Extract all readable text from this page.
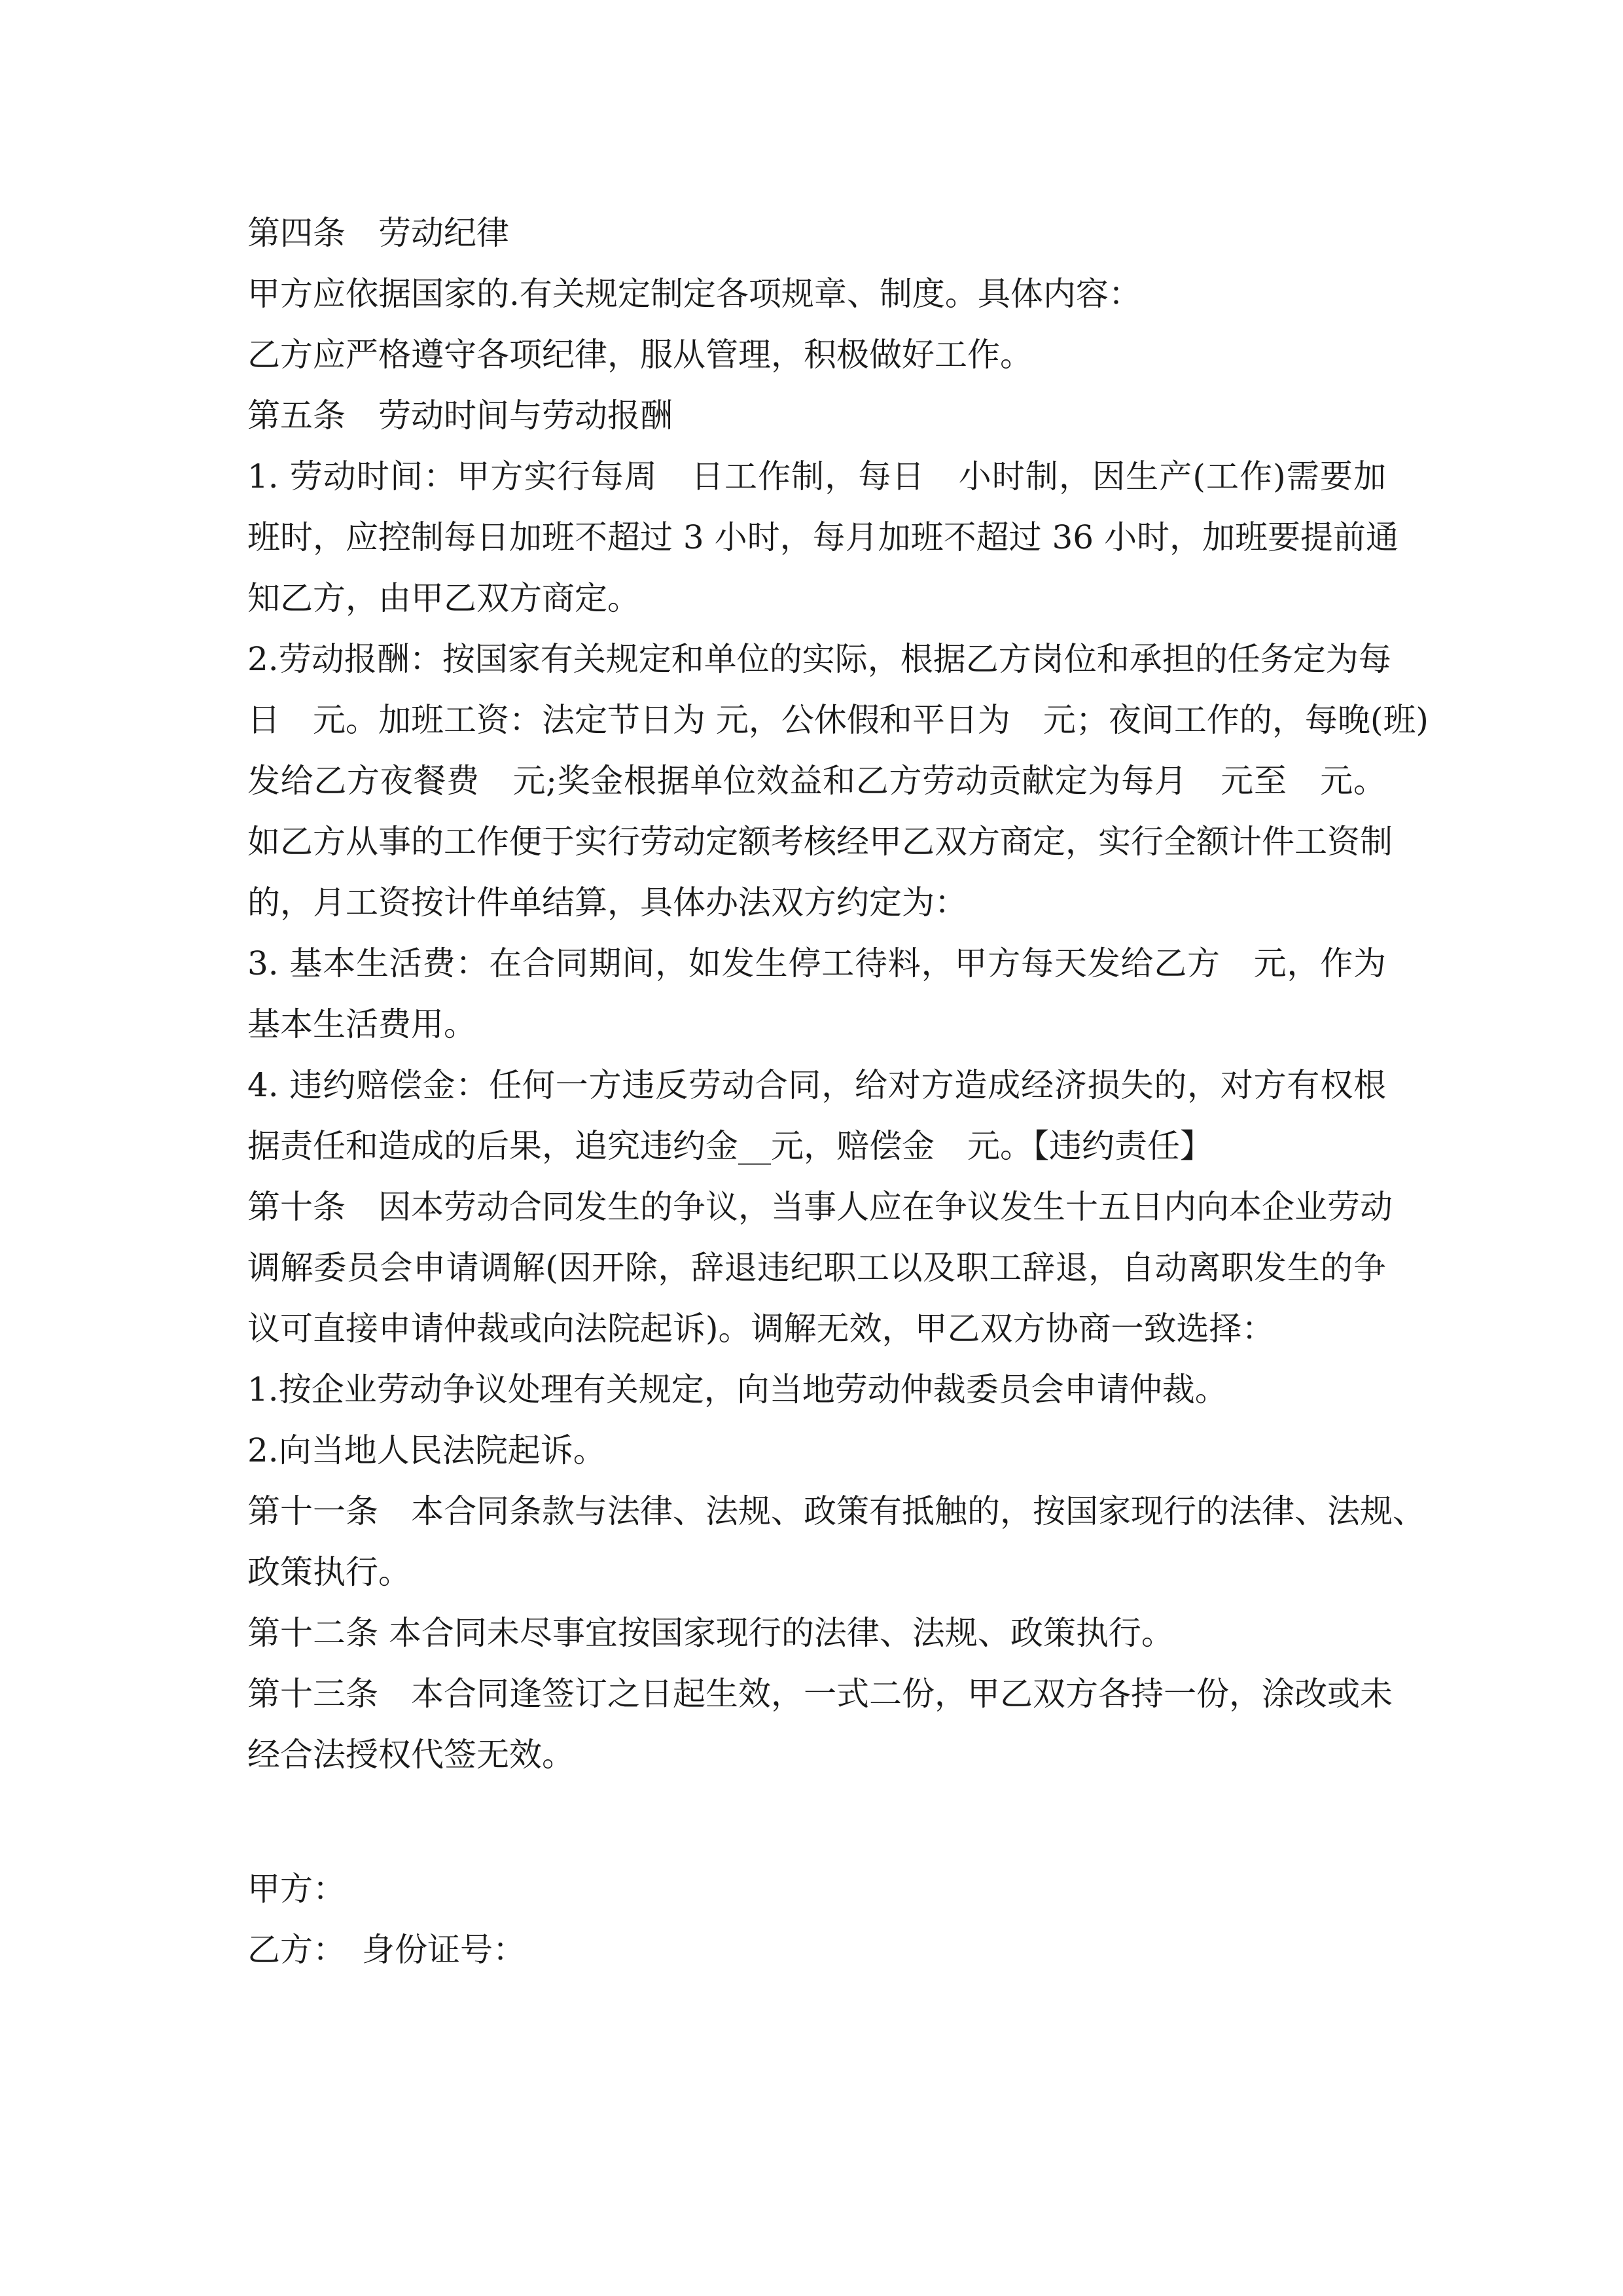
第四条　劳动纪律
甲方应依据国家的.有关规定制定各项规章、制度。具体内容：
乙方应严格遵守各项纪律，服从管理，积极做好工作。
第五条　劳动时间与劳动报酬
1. 劳动时间：甲方实行每周　日工作制，每日　小时制，因生产(工作)需要加
班时，应控制每日加班不超过 3 小时，每月加班不超过 36 小时，加班要提前通
知乙方，由甲乙双方商定。
2.劳动报酬：按国家有关规定和单位的实际，根据乙方岗位和承担的任务定为每
日　元。加班工资：法定节日为 元，公休假和平日为　元；夜间工作的，每晚(班)
发给乙方夜餐费　元;奖金根据单位效益和乙方劳动贡献定为每月　元至　元。
如乙方从事的工作便于实行劳动定额考核经甲乙双方商定，实行全额计件工资制
的，月工资按计件单结算，具体办法双方约定为：
3. 基本生活费：在合同期间，如发生停工待料，甲方每天发给乙方　元，作为
基本生活费用。
4. 违约赔偿金：任何一方违反劳动合同，给对方造成经济损失的，对方有权根
据责任和造成的后果，追究违约金__元，赔偿金　元。【违约责任】
第十条　因本劳动合同发生的争议，当事人应在争议发生十五日内向本企业劳动
调解委员会申请调解(因开除，辞退违纪职工以及职工辞退，自动离职发生的争
议可直接申请仲裁或向法院起诉)。调解无效，甲乙双方协商一致选择：
1.按企业劳动争议处理有关规定，向当地劳动仲裁委员会申请仲裁。
2.向当地人民法院起诉。
第十一条　本合同条款与法律、法规、政策有抵触的，按国家现行的法律、法规、
政策执行。
第十二条 本合同未尽事宜按国家现行的法律、法规、政策执行。
第十三条　本合同逢签订之日起生效，一式二份，甲乙双方各持一份，涂改或未
经合法授权代签无效。
甲方：
乙方：　身份证号：
